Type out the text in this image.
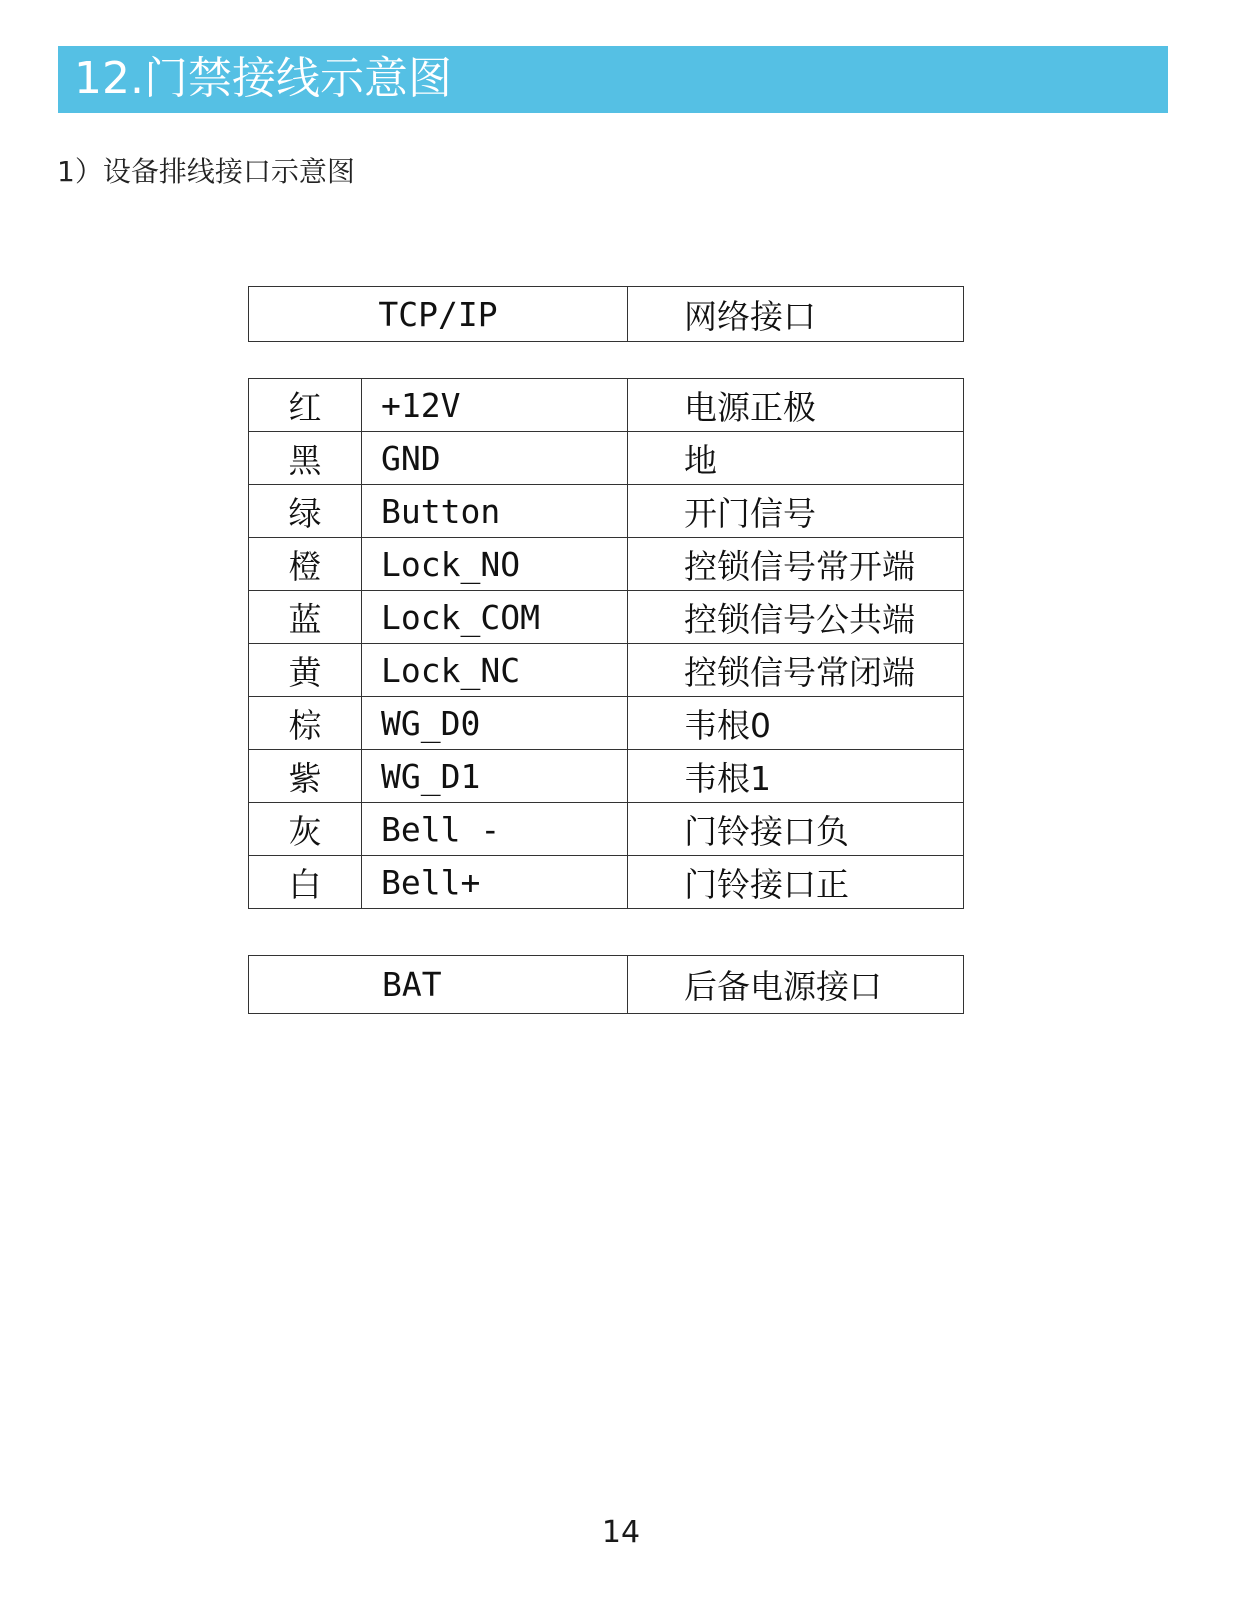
12.门禁接线示意图
1）设备排线接口示意图
TCP/IP	网络接口
红	+12V	电源正极
黑	GND	地
绿	Button	开门信号
橙	Lock_NO	控锁信号常开端
蓝	Lock_COM	控锁信号公共端
黄	Lock_NC	控锁信号常闭端
棕	WG_D0	韦根0
紫	WG_D1	韦根1
灰	Bell -	门铃接口负
白	Bell+	门铃接口正
BAT	后备电源接口
14
